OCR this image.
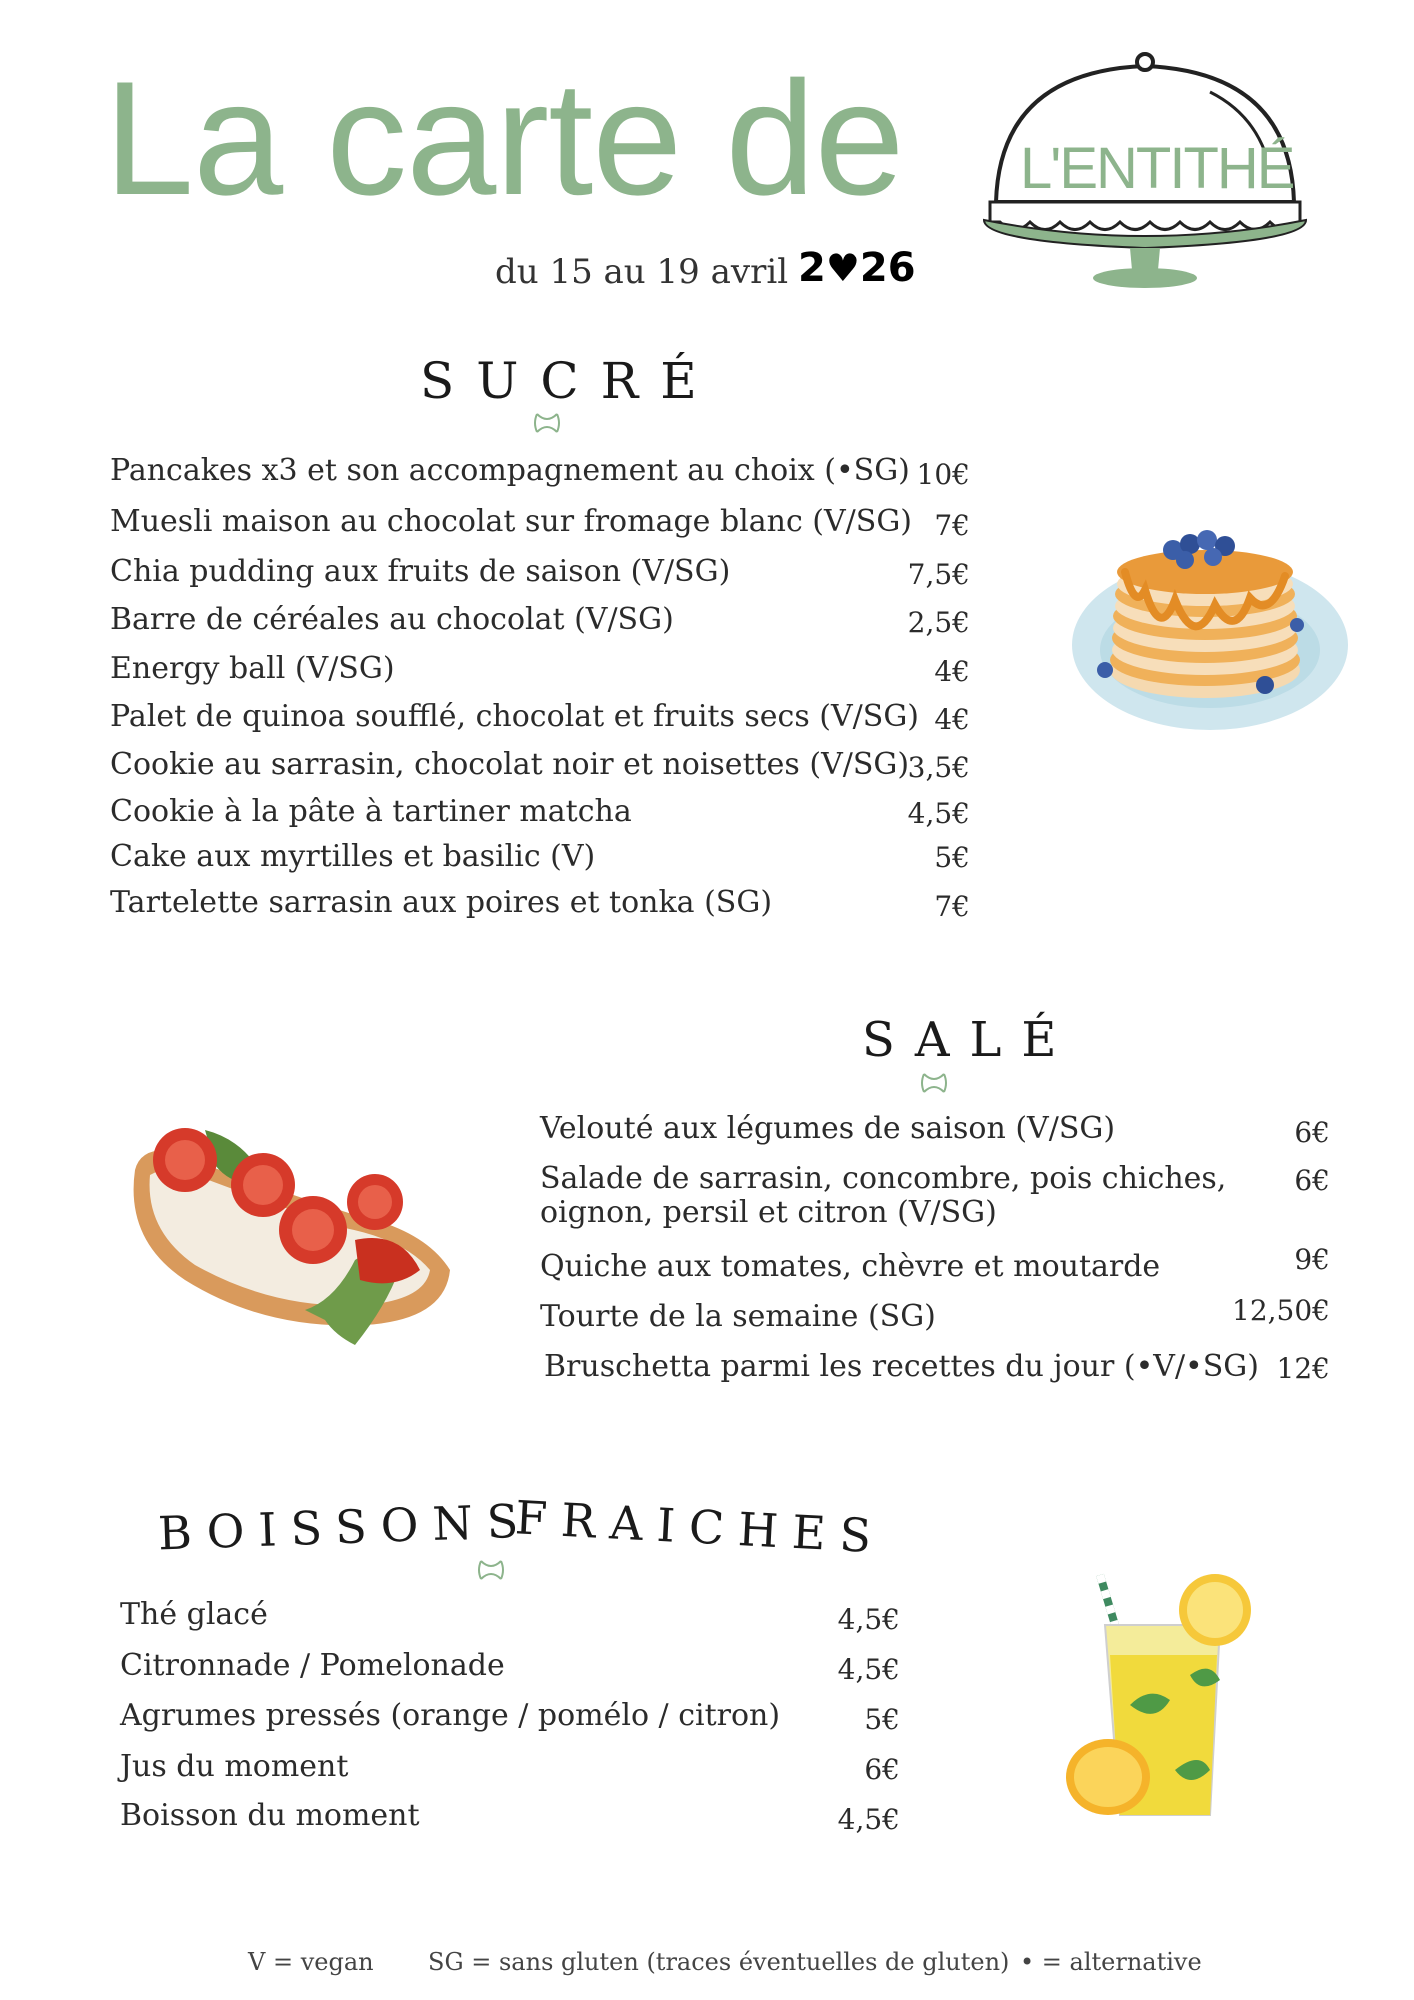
La carte de L'ENTITHÉ
du 15 au 19 avril 2♥26
SUCRÉ
Pancakes x3 et son accompagnement au choix (•SG) 10€
Muesli maison au chocolat sur fromage blanc (V/SG) 7€
Chia pudding aux fruits de saison (V/SG)	7,5€
Barre de céréales au chocolat (V/SG)	2,5€
Energy ball (V/SG)	4€
Palet de quinoa soufflé, chocolat et fruits secs (V/SG) 4€
Cookie au sarrasin, chocolat noir et noisettes (V/SG)
3,5€
Cookie à la pâte à tartiner matcha	4,5€
Cake aux myrtilles et basilic (V)	5€
Tartelette sarrasin aux poires et tonka (SG)	7€
SALÉ
Velouté aux légumes de saison (V/SG)	6€
Salade de sarrasin, concombre, pois chiches,
oignon, persil et citron (V/SG)
6€
Quiche aux tomates, chèvre et moutarde	9€
Tourte de la semaine (SG)	12,50€
Bruschetta parmi les recettes du jour (•V/•SG) 12€
BOISSONS
FRAICHES
Thé glacé	4,5€
Citronnade / Pomelonade	4,5€
Agrumes pressés (orange / pomélo / citron)	5€
Jus du moment	6€
Boisson du moment	4,5€
V = vegan SG = sans gluten (traces éventuelles de gluten) • = alternative
